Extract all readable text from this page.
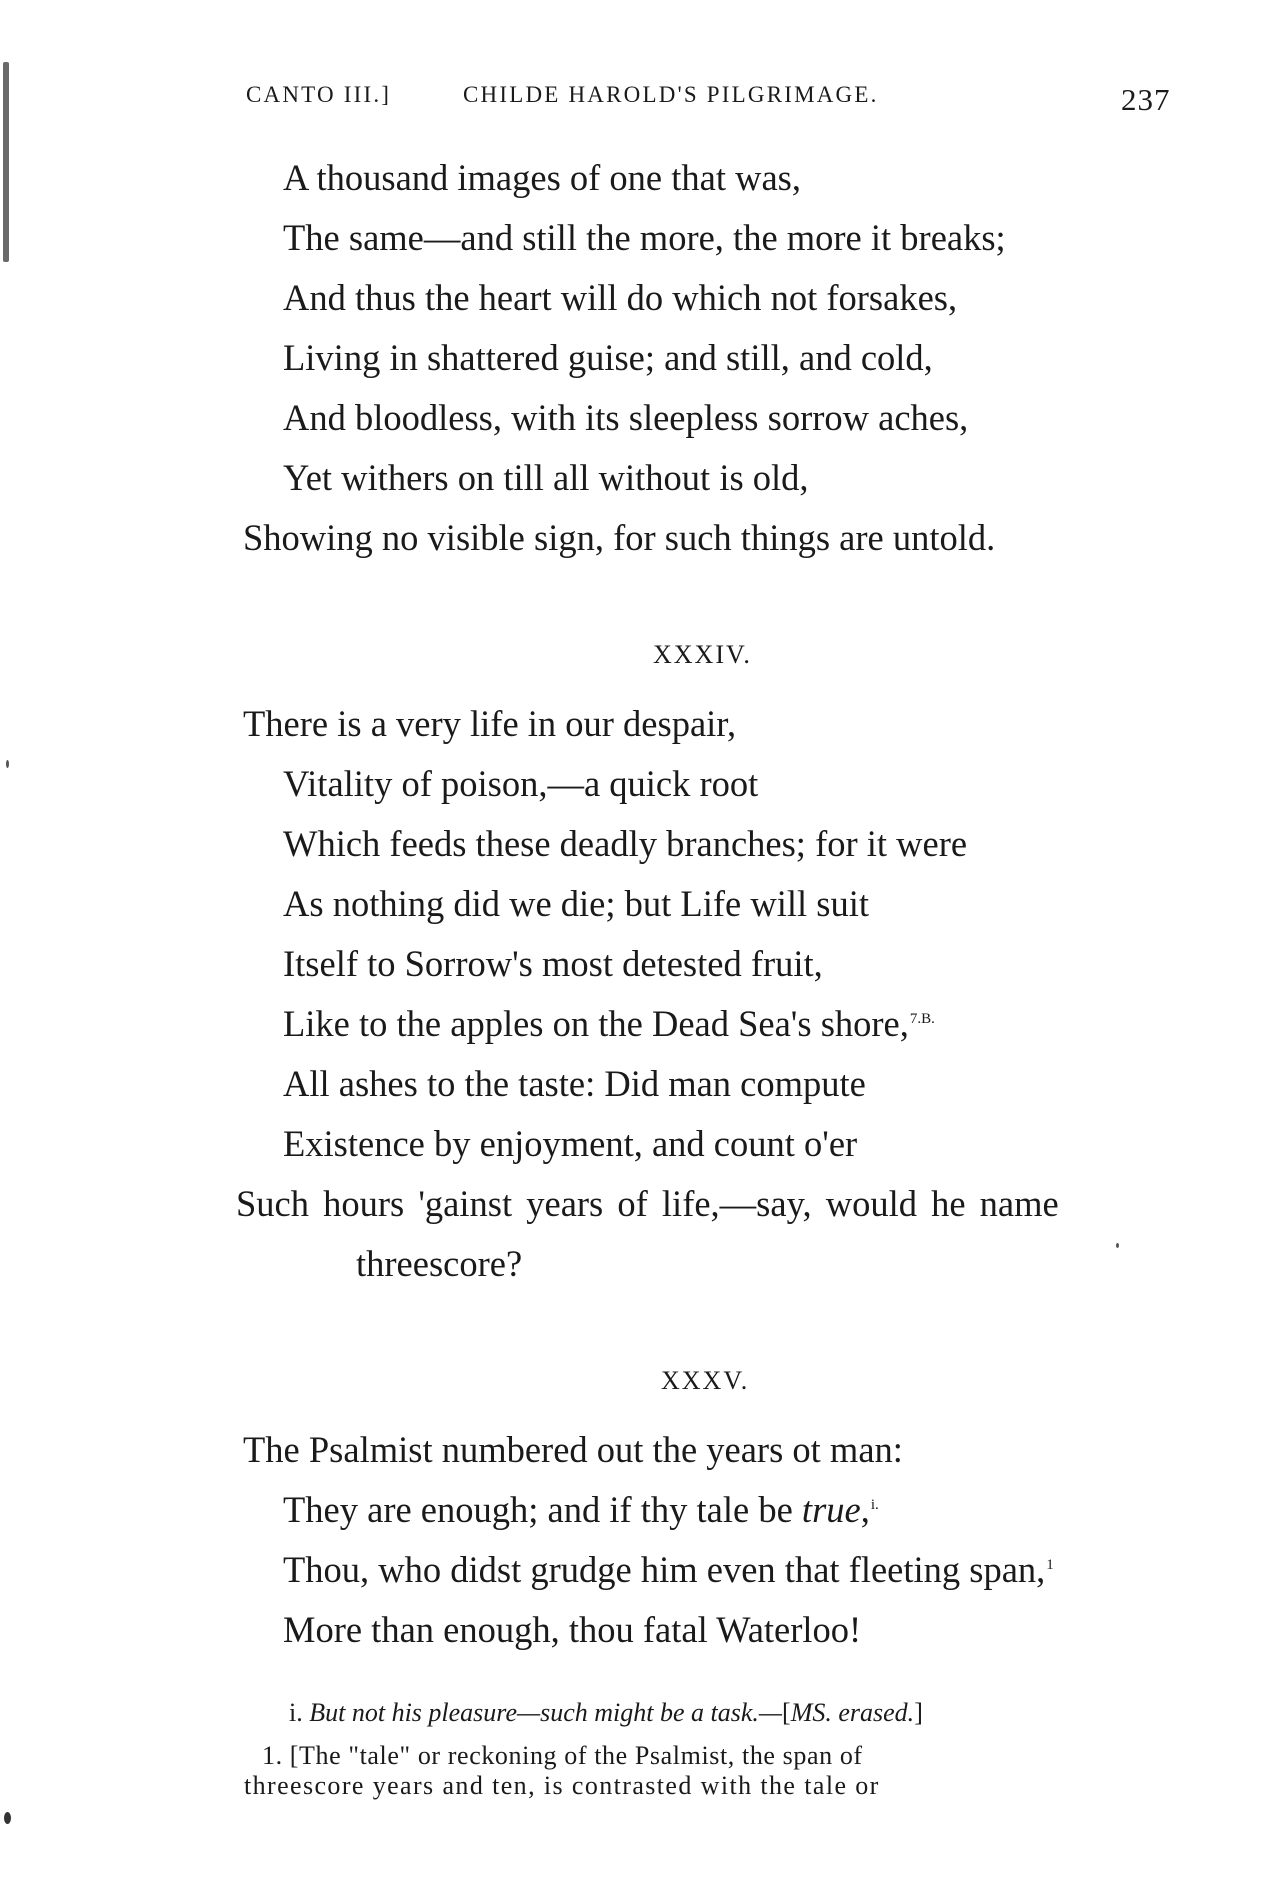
CANTO III.]	CHILDE HAROLD'S PILGRIMAGE.	237
A thousand images of one that was,
The same—and still the more, the more it breaks;
And thus the heart will do which not forsakes,
Living in shattered guise; and still, and cold,
And bloodless, with its sleepless sorrow aches,
Yet withers on till all without is old,
Showing no visible sign, for such things are untold.
XXXIV.
There is a very life in our despair,
Vitality of poison,—a quick root
Which feeds these deadly branches; for it were
As nothing did we die; but Life will suit
Itself to Sorrow's most detested fruit,
Like to the apples on the Dead Sea's shore,$^{7.B.}$
All ashes to the taste: Did man compute
Existence by enjoyment, and count o'er
Such hours 'gainst years of life,—say, would he name
threescore?
XXXV.
The Psalmist numbered out the years ot man:
They are enough; and if thy tale be true,$^{i.}$
Thou, who didst grudge him even that fleeting span,$^1$
More than enough, thou fatal Waterloo!
i. But not his pleasure—such might be a task.—[MS. erased.]
1. [The "tale" or reckoning of the Psalmist, the span of
threescore years and ten, is contrasted with the tale or
